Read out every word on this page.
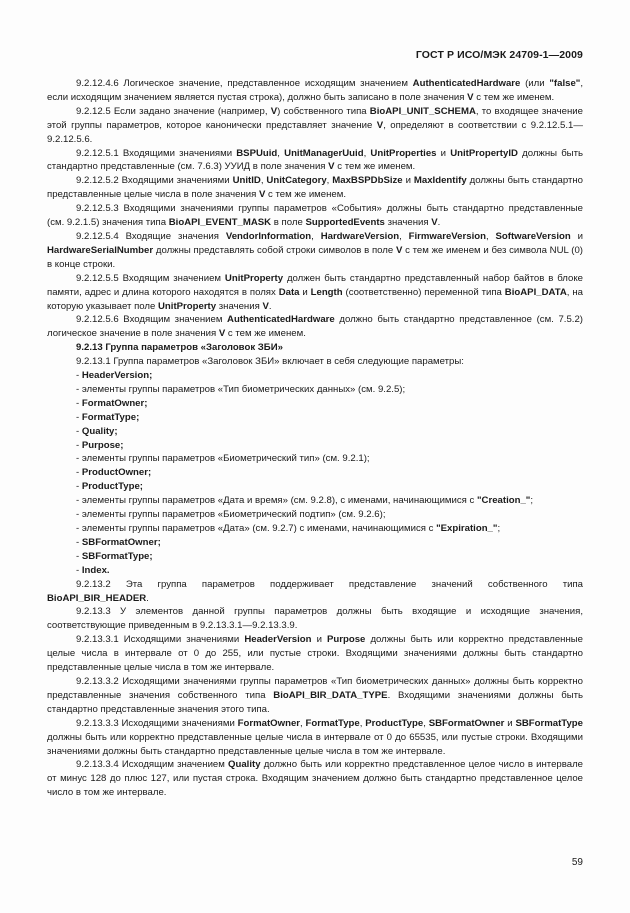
ГОСТ Р ИСО/МЭК 24709-1—2009

9.2.12.4.6 Логическое значение, представленное исходящим значением AuthenticatedHardware (или "false", если исходящим значением является пустая строка), должно быть записано в поле значения V с тем же именем.

9.2.12.5 Если задано значение (например, V) собственного типа BioAPI_UNIT_SCHEMA, то входящее значение этой группы параметров, которое канонически представляет значение V, определяют в соответствии с 9.2.12.5.1—9.2.12.5.6.

9.2.12.5.1 Входящими значениями BSPUuid, UnitManagerUuid, UnitProperties и UnitPropertyID должны быть стандартно представленные (см. 7.6.3) УУИД в поле значения V с тем же именем.

9.2.12.5.2 Входящими значениями UnitID, UnitCategory, MaxBSPDbSize и MaxIdentify должны быть стандартно представленные целые числа в поле значения V с тем же именем.

9.2.12.5.3 Входящими значениями группы параметров «События» должны быть стандартно представленные (см. 9.2.1.5) значения типа BioAPI_EVENT_MASK в поле SupportedEvents значения V.

9.2.12.5.4 Входящие значения VendorInformation, HardwareVersion, FirmwareVersion, SoftwareVersion и HardwareSerialNumber должны представлять собой строки символов в поле V с тем же именем и без символа NUL (0) в конце строки.

9.2.12.5.5 Входящим значением UnitProperty должен быть стандартно представленный набор байтов в блоке памяти, адрес и длина которого находятся в полях Data и Length (соответственно) переменной типа BioAPI_DATA, на которую указывает поле UnitProperty значения V.

9.2.12.5.6 Входящим значением AuthenticatedHardware должно быть стандартно представленное (см. 7.5.2) логическое значение в поле значения V с тем же именем.

9.2.13 Группа параметров «Заголовок ЗБИ»

9.2.13.1 Группа параметров «Заголовок ЗБИ» включает в себя следующие параметры:

- HeaderVersion;

- элементы группы параметров «Тип биометрических данных» (см. 9.2.5);

- FormatOwner;

- FormatType;

- Quality;

- Purpose;

- элементы группы параметров «Биометрический тип» (см. 9.2.1);

- ProductOwner;

- ProductType;

- элементы группы параметров «Дата и время» (см. 9.2.8), с именами, начинающимися с "Creation_";

- элементы группы параметров «Биометрический подтип» (см. 9.2.6);

- элементы группы параметров «Дата» (см. 9.2.7) с именами, начинающимися с "Expiration_";

- SBFormatOwner;

- SBFormatType;

- Index.

9.2.13.2 Эта группа параметров поддерживает представление значений собственного типа BioAPI_BIR_HEADER.

9.2.13.3 У элементов данной группы параметров должны быть входящие и исходящие значения, соответствующие приведенным в 9.2.13.3.1—9.2.13.3.9.

9.2.13.3.1 Исходящими значениями HeaderVersion и Purpose должны быть или корректно представленные целые числа в интервале от 0 до 255, или пустые строки. Входящими значениями должны быть стандартно представленные целые числа в том же интервале.

9.2.13.3.2 Исходящими значениями группы параметров «Тип биометрических данных» должны быть корректно представленные значения собственного типа BioAPI_BIR_DATA_TYPE. Входящими значениями должны быть стандартно представленные значения этого типа.

9.2.13.3.3 Исходящими значениями FormatOwner, FormatType, ProductType, SBFormatOwner и SBFormatType должны быть или корректно представленные целые числа в интервале от 0 до 65535, или пустые строки. Входящими значениями должны быть стандартно представленные целые числа в том же интервале.

9.2.13.3.4 Исходящим значением Quality должно быть или корректно представленное целое число в интервале от минус 128 до плюс 127, или пустая строка. Входящим значением должно быть стандартно представленное целое число в том же интервале.

59
